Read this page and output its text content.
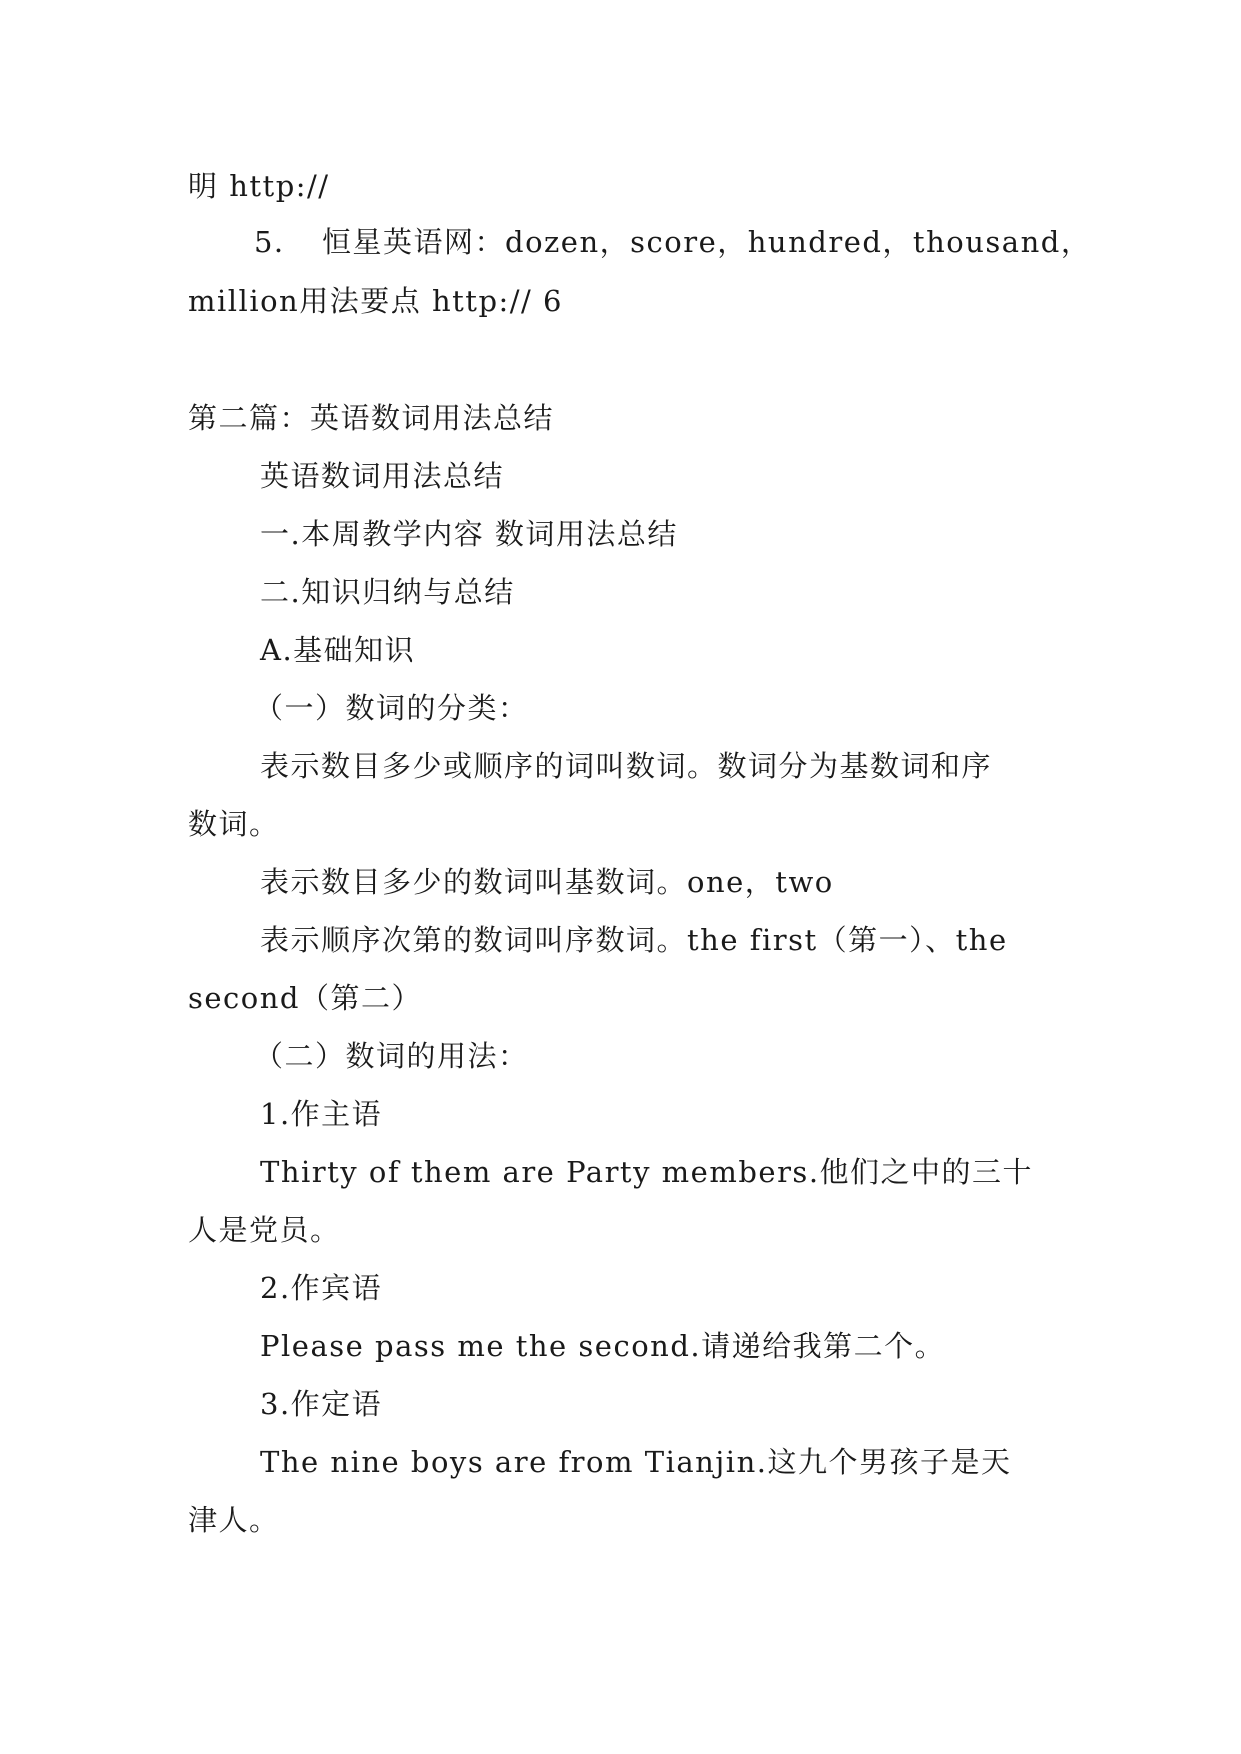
明 http://
5． 恒星英语网：dozen，score，hundred，thousand，
million用法要点 http:// 6
第二篇：英语数词用法总结
英语数词用法总结
一.本周教学内容 数词用法总结
二.知识归纳与总结
A.基础知识
（一）数词的分类：
表示数目多少或顺序的词叫数词。数词分为基数词和序
数词。
表示数目多少的数词叫基数词。one，two
表示顺序次第的数词叫序数词。the first（第一）、the
second（第二）
（二）数词的用法：
1.作主语
Thirty of them are Party members.他们之中的三十
人是党员。
2.作宾语
Please pass me the second.请递给我第二个。
3.作定语
The nine boys are from Tianjin.这九个男孩子是天
津人。
